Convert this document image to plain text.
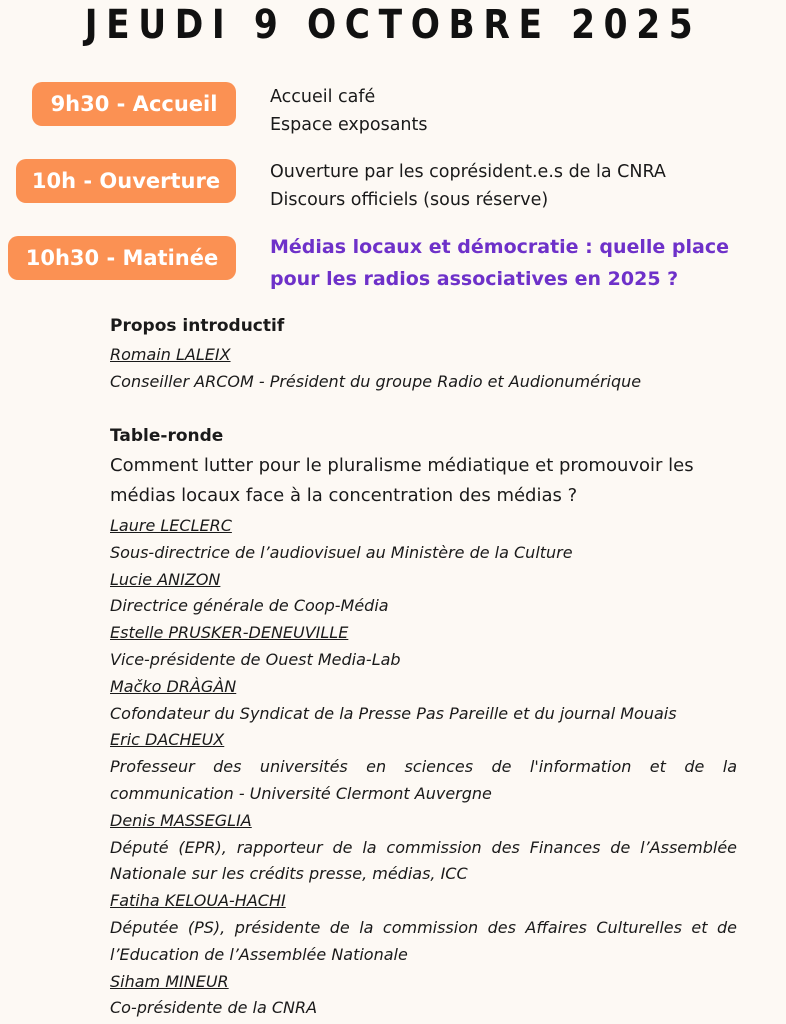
JEUDI 9 OCTOBRE 2025
9h30 - Accueil	Accueil café
Espace exposants
10h - Ouverture	Ouverture par les coprésident.e.s de la CNRA
Discours officiels (sous réserve)
10h30 - Matinée	Médias locaux et démocratie : quelle place
pour les radios associatives en 2025 ?
Propos introductif
Romain LALEIX
Conseiller ARCOM - Président du groupe Radio et Audionumérique
Table-ronde
Comment lutter pour le pluralisme médiatique et promouvoir les médias locaux face à la concentration des médias ?
Laure LECLERC
Sous-directrice de l’audiovisuel au Ministère de la Culture
Lucie ANIZON
Directrice générale de Coop-Média
Estelle PRUSKER-DENEUVILLE
Vice-présidente de Ouest Media-Lab
Mačko DRÀGÀN
Cofondateur du Syndicat de la Presse Pas Pareille et du journal Mouais
Eric DACHEUX
Professeur des universités en sciences de l'information et de la communication - Université Clermont Auvergne
Denis MASSEGLIA
Député (EPR), rapporteur de la commission des Finances de l’Assemblée Nationale sur les crédits presse, médias, ICC
Fatiha KELOUA-HACHI
Députée (PS), présidente de la commission des Affaires Culturelles et de l’Education de l’Assemblée Nationale
Siham MINEUR
Co-présidente de la CNRA
